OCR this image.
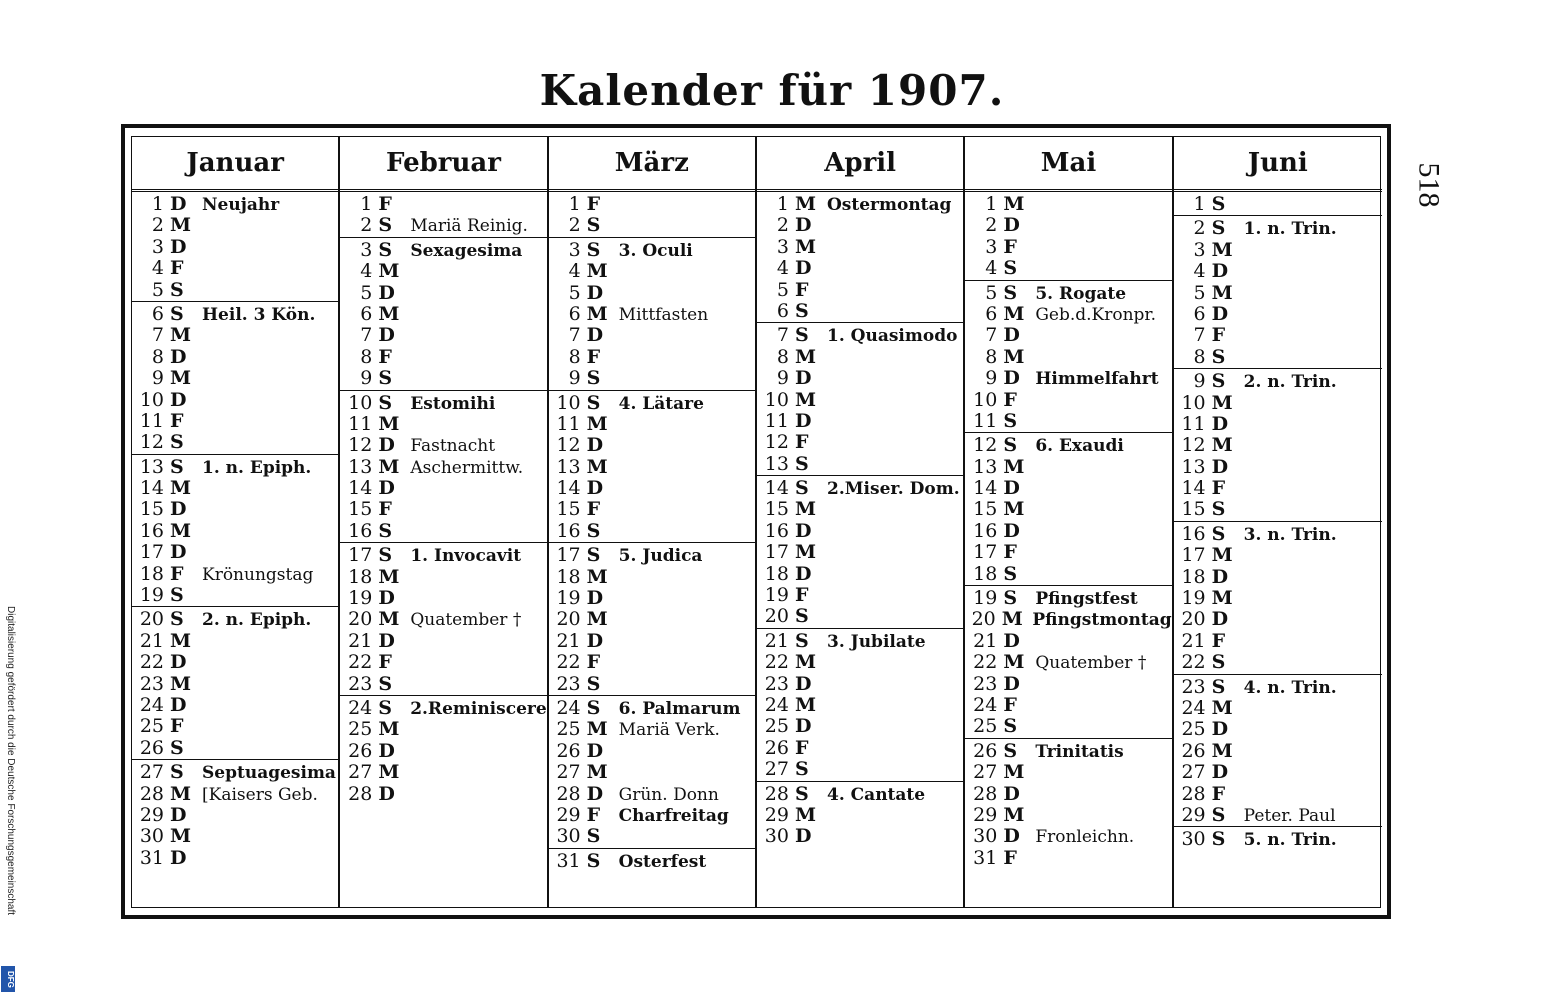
Kalender für 1907.
518
Digitalisierung gefördert durch die Deutsche Forschungsgemeinschaft
DFG
Januar
1 D Neujahr
2 M
3 D
4 F
5 S
6 S	Heil. 3 Kön.
7 M
8 D
9 M
10 D
11 F
12 S
13 S	1. n. Epiph.
14 M
15 D
16 M
17 D
18 F	Krönungstag
19 S
20 S	2. n. Epiph.
21 M
22 D
23 M
24 D
25 F
26 S
27 S	Septuagesima
28 M [Kaisers Geb.
29 D
30 M
31 D
Februar
1 F
2 S	Mariä Reinig.
3 S	Sexagesima
4 M
5 D
6 M
7 D
8 F
9 S
10 S	Estomihi
11 M
12 D Fastnacht
13 M Aschermittw.
14 D
15 F
16 S
17 S	1. Invocavit
18 M
19 D
20 M Quatember †
21 D
22 F
23 S
24 S	2.Reminiscere
25 M
26 D
27 M
28 D
März
1 F
2 S
3 S	3. Oculi
4 M
5 D
6 M Mittfasten
7 D
8 F
9 S
10 S	4. Lätare
11 M
12 D
13 M
14 D
15 F
16 S
17 S	5. Judica
18 M
19 D
20 M
21 D
22 F
23 S
24 S	6. Palmarum
25 M Mariä Verk.
26 D
27 M
28 D Grün. Donn
29 F	Charfreitag
30 S
31 S	Osterfest
April
1 M Ostermontag
2 D
3 M
4 D
5 F
6 S
7 S	1. Quasimodo
8 M
9 D
10 M
11 D
12 F
13 S
14 S	2.Miser. Dom.
15 M
16 D
17 M
18 D
19 F
20 S
21 S	3. Jubilate
22 M
23 D
24 M
25 D
26 F
27 S
28 S	4. Cantate
29 M
30 D
Mai
1 M
2 D
3 F
4 S
5 S	5. Rogate
6 M Geb.d.Kronpr.
7 D
8 M
9 D Himmelfahrt
10 F
11 S
12 S	6. Exaudi
13 M
14 D
15 M
16 D
17 F
18 S
19 S	Pfingstfest
20 M Pfingstmontag
21 D
22 M Quatember †
23 D
24 F
25 S
26 S	Trinitatis
27 M
28 D
29 M
30 D Fronleichn.
31 F
Juni
1 S
2 S	1. n. Trin.
3 M
4 D
5 M
6 D
7 F
8 S
9 S	2. n. Trin.
10 M
11 D
12 M
13 D
14 F
15 S
16 S	3. n. Trin.
17 M
18 D
19 M
20 D
21 F
22 S
23 S	4. n. Trin.
24 M
25 D
26 M
27 D
28 F
29 S	Peter. Paul
30 S	5. n. Trin.
